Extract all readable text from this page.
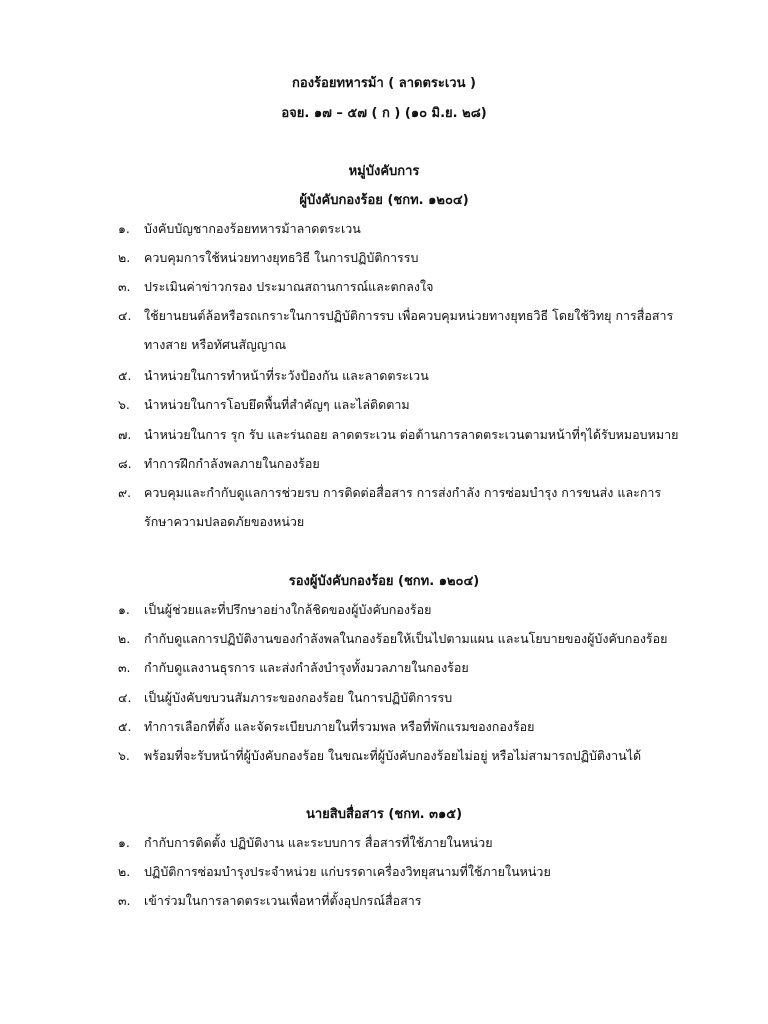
กองร้อยทหารม้า ( ลาดตระเวน )
อจย. ๑๗ – ๕๗ ( ก ) (๑๐ มิ.ย. ๒๘)
หมู่บังคับการ
ผู้บังคับกองร้อย (ชกท. ๑๒๐๔)
๑. บังคับบัญชากองร้อยทหารม้าลาดตระเวน
๒. ควบคุมการใช้หน่วยทางยุทธวิธี ในการปฏิบัติการรบ
๓. ประเมินค่าข่าวกรอง ประมาณสถานการณ์และตกลงใจ
๔. ใช้ยานยนต์ล้อหรือรถเกราะในการปฏิบัติการรบ เพื่อควบคุมหน่วยทางยุทธวิธี โดยใช้วิทยุ การสื่อสาร
ทางสาย หรือทัศนสัญญาณ
๕. นำหน่วยในการทำหน้าที่ระวังป้องกัน และลาดตระเวน
๖. นำหน่วยในการโอบยึดพื้นที่สำคัญๆ และไล่ติดตาม
๗. นำหน่วยในการ รุก รับ และร่นถอย ลาดตระเวน ต่อต้านการลาดตระเวนตามหน้าที่ๆได้รับหมอบหมาย
๘. ทำการฝึกกำลังพลภายในกองร้อย
๙. ควบคุมและกำกับดูแลการช่วยรบ การติดต่อสื่อสาร การส่งกำลัง การซ่อมบำรุง การขนส่ง และการ
รักษาความปลอดภัยของหน่วย
รองผู้บังคับกองร้อย (ชกท. ๑๒๐๔)
๑. เป็นผู้ช่วยและที่ปรึกษาอย่างใกล้ชิดของผู้บังคับกองร้อย
๒. กำกับดูแลการปฏิบัติงานของกำลังพลในกองร้อยให้เป็นไปตามแผน และนโยบายของผู้บังคับกองร้อย
๓. กำกับดูแลงานธุรการ และส่งกำลังบำรุงทั้งมวลภายในกองร้อย
๔. เป็นผู้บังคับขบวนสัมภาระของกองร้อย ในการปฏิบัติการรบ
๕. ทำการเลือกที่ตั้ง และจัดระเบียบภายในที่รวมพล หรือที่พักแรมของกองร้อย
๖. พร้อมที่จะรับหน้าที่ผู้บังคับกองร้อย ในขณะที่ผู้บังคับกองร้อยไม่อยู่ หรือไม่สามารถปฏิบัติงานได้
นายสิบสื่อสาร (ชกท. ๓๑๕)
๑. กำกับการติดตั้ง ปฏิบัติงาน และระบบการ สื่อสารที่ใช้ภายในหน่วย
๒. ปฏิบัติการซ่อมบำรุงประจำหน่วย แก่บรรดาเครื่องวิทยุสนามที่ใช้ภายในหน่วย
๓. เข้าร่วมในการลาดตระเวนเพื่อหาที่ตั้งอุปกรณ์สื่อสาร
